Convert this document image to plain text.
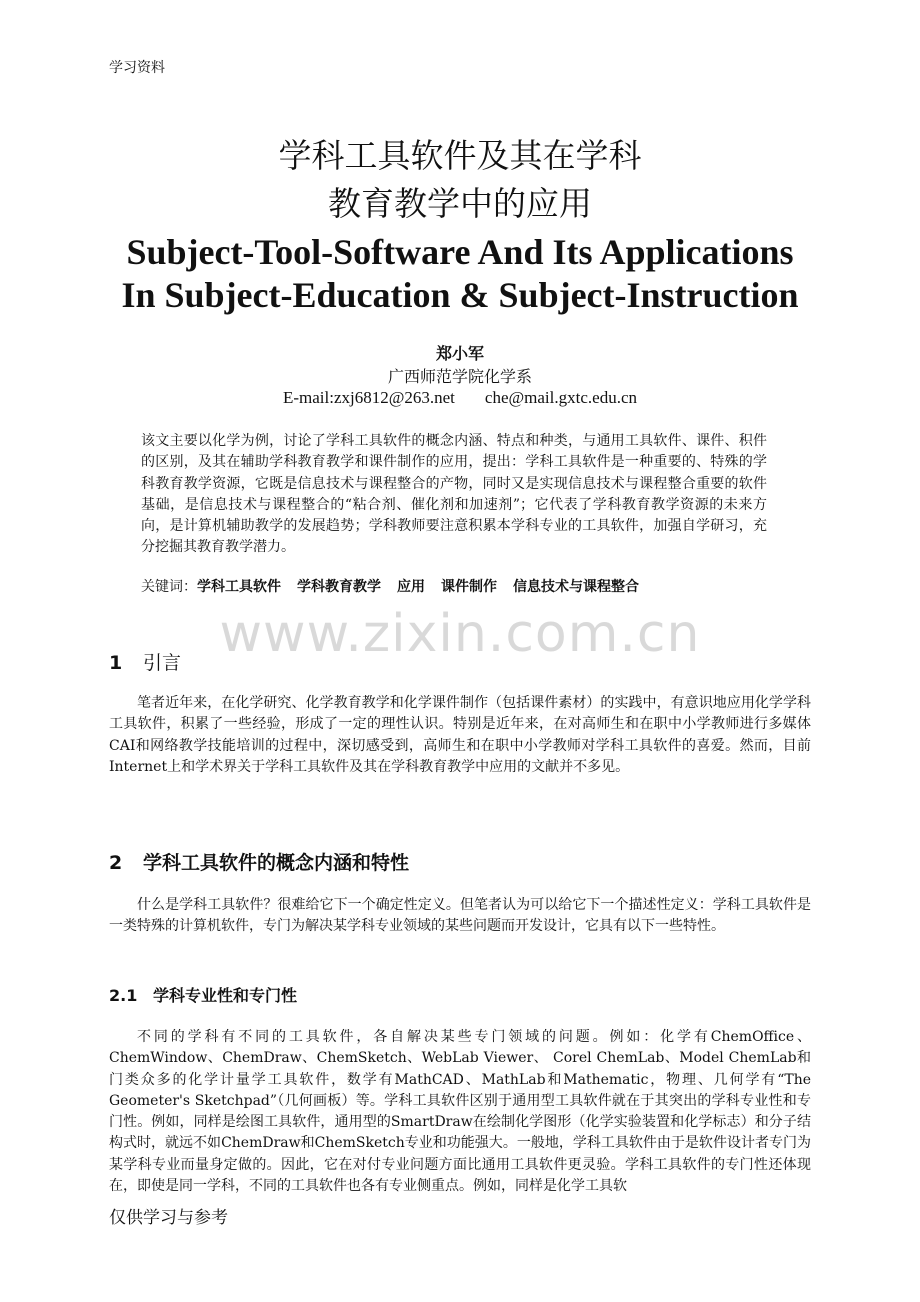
学习资料
学科工具软件及其在学科
教育教学中的应用
Subject-Tool-Software And Its Applications
In Subject-Education & Subject-Instruction
郑小军
广西师范学院化学系
E-mail:zxj6812@263.net che@mail.gxtc.edu.cn

该文主要以化学为例，讨论了学科工具软件的概念内涵、特点和种类，与通用工具软件、课件、积件的区别，及其在辅助学科教育教学和课件制作的应用，提出：学科工具软件是一种重要的、特殊的学科教育教学资源，它既是信息技术与课程整合的产物，同时又是实现信息技术与课程整合重要的软件基础，是信息技术与课程整合的“粘合剂、催化剂和加速剂”；它代表了学科教育教学资源的未来方向，是计算机辅助教学的发展趋势；学科教师要注意积累本学科专业的工具软件，加强自学研习，充分挖掘其教育教学潜力。

关键词：学科工具软件 学科教育教学 应用 课件制作 信息技术与课程整合
www.zixin.com.cn
1 引言

笔者近年来，在化学研究、化学教育教学和化学课件制作（包括课件素材）的实践中，有意识地应用化学学科工具软件，积累了一些经验，形成了一定的理性认识。特别是近年来，在对高师生和在职中小学教师进行多媒体CAI和网络教学技能培训的过程中，深切感受到，高师生和在职中小学教师对学科工具软件的喜爱。然而，目前Internet上和学术界关于学科工具软件及其在学科教育教学中应用的文献并不多见。

2 学科工具软件的概念内涵和特性

什么是学科工具软件？很难给它下一个确定性定义。但笔者认为可以给它下一个描述性定义：学科工具软件是一类特殊的计算机软件，专门为解决某学科专业领域的某些问题而开发设计，它具有以下一些特性。

2.1 学科专业性和专门性

不同的学科有不同的工具软件，各自解决某些专门领域的问题。例如：化学有ChemOffice、ChemWindow、ChemDraw、ChemSketch、WebLab Viewer、 Corel ChemLab、Model ChemLab和门类众多的化学计量学工具软件，数学有MathCAD、MathLab和Mathematic，物理、几何学有“The Geometer's Sketchpad”（几何画板）等。学科工具软件区别于通用型工具软件就在于其突出的学科专业性和专门性。例如，同样是绘图工具软件，通用型的SmartDraw在绘制化学图形（化学实验装置和化学标志）和分子结构式时，就远不如ChemDraw和ChemSketch专业和功能强大。一般地，学科工具软件由于是软件设计者专门为某学科专业而量身定做的。因此，它在对付专业问题方面比通用工具软件更灵验。学科工具软件的专门性还体现在，即使是同一学科，不同的工具软件也各有专业侧重点。例如，同样是化学工具软

仅供学习与参考
